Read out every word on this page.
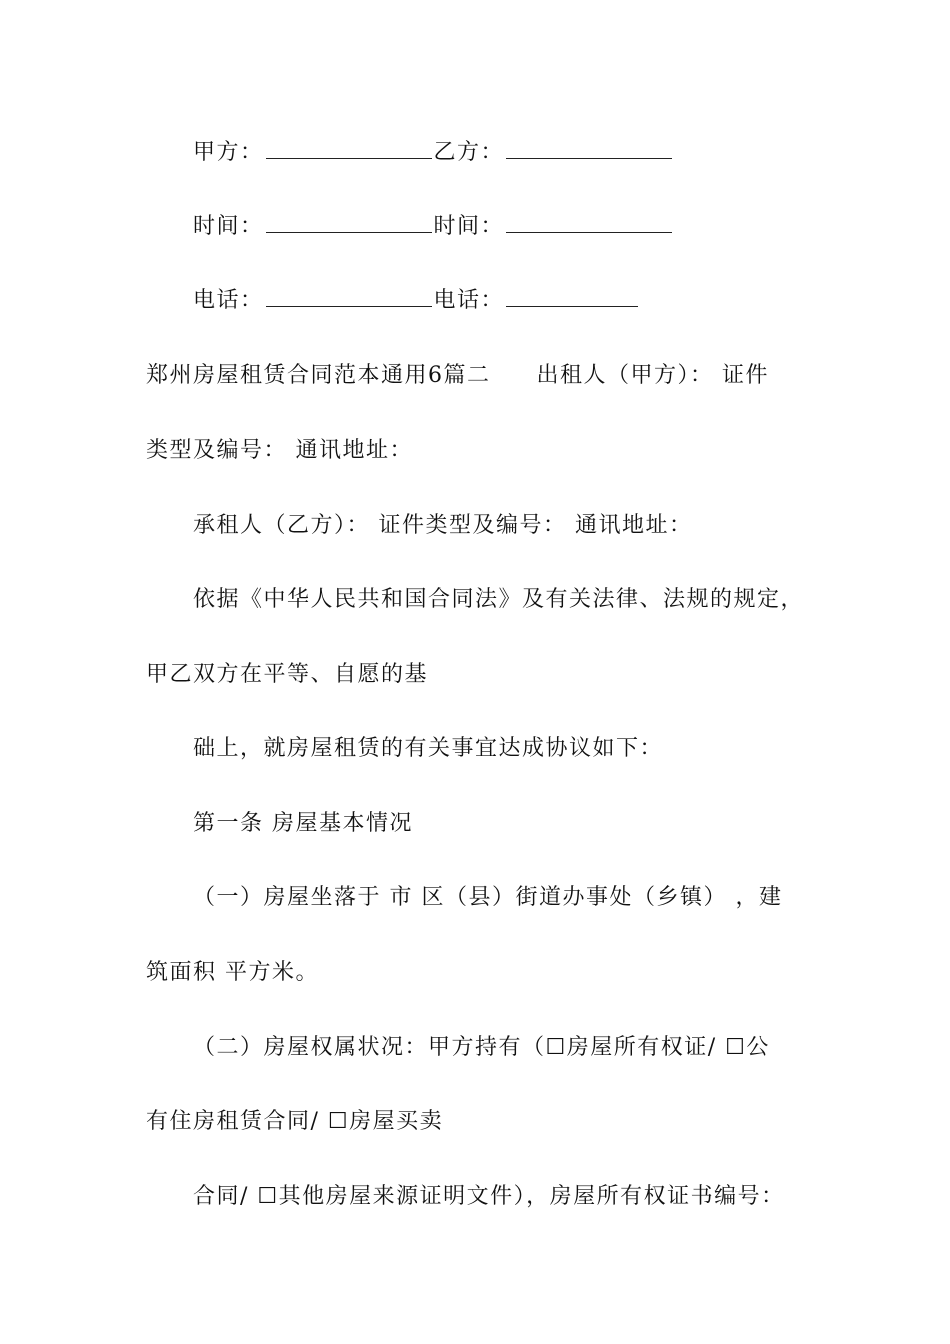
甲方：	乙方：
时间：	时间：
电话：	电话：
郑州房屋租赁合同范本通用6篇二 出租人（甲方）： 证件
类型及编号： 通讯地址：
承租人（乙方）： 证件类型及编号： 通讯地址：
依据《中华人民共和国合同法》及有关法律、法规的规定，
甲乙双方在平等、自愿的基
础上，就房屋租赁的有关事宜达成协议如下：
第一条 房屋基本情况
（一）房屋坐落于 市 区（县）街道办事处（乡镇） ，建
筑面积 平方米。
（二）房屋权属状况：甲方持有（☐房屋所有权证/ ☐公
有住房租赁合同/ ☐房屋买卖
合同/ ☐其他房屋来源证明文件），房屋所有权证书编号：
